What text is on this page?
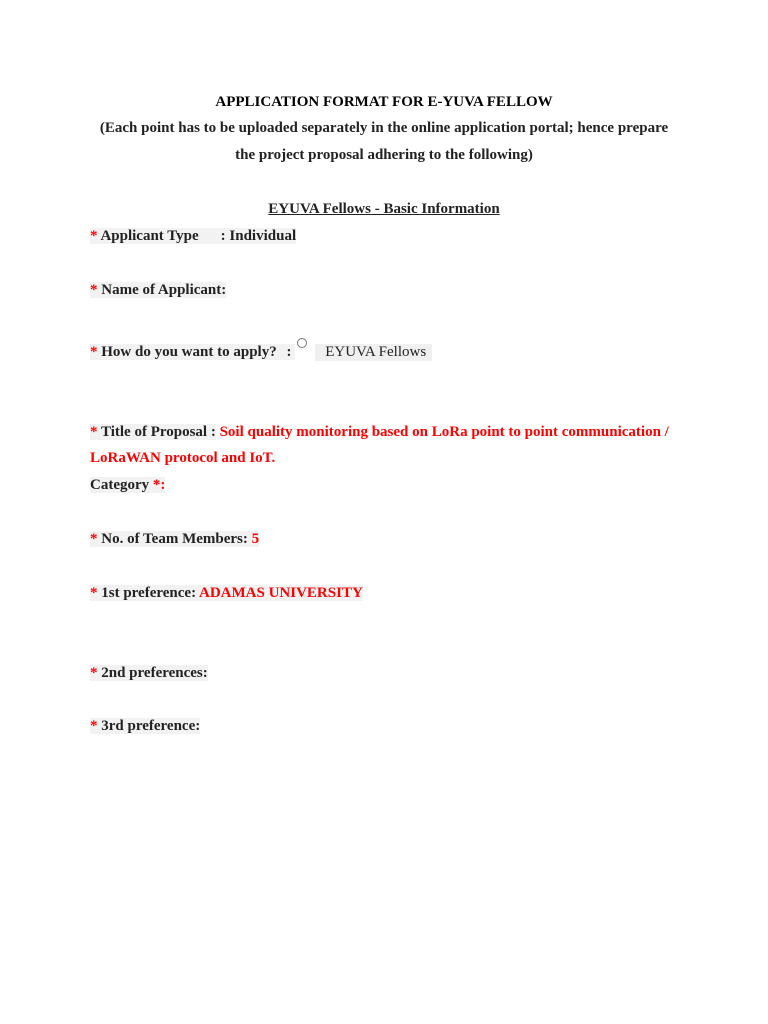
APPLICATION FORMAT FOR E-YUVA FELLOW
(Each point has to be uploaded separately in the online application portal; hence prepare
the project proposal adhering to the following)
EYUVA Fellows - Basic Information
* Applicant Type : Individual
* Name of Applicant:
* How do you want to apply? : EYUVA Fellows
* Title of Proposal : Soil quality monitoring based on LoRa point to point communication / LoRaWAN protocol and IoT.
Category *:
* No. of Team Members: 5
* 1st preference: ADAMAS UNIVERSITY
* 2nd preferences:
* 3rd preference:
